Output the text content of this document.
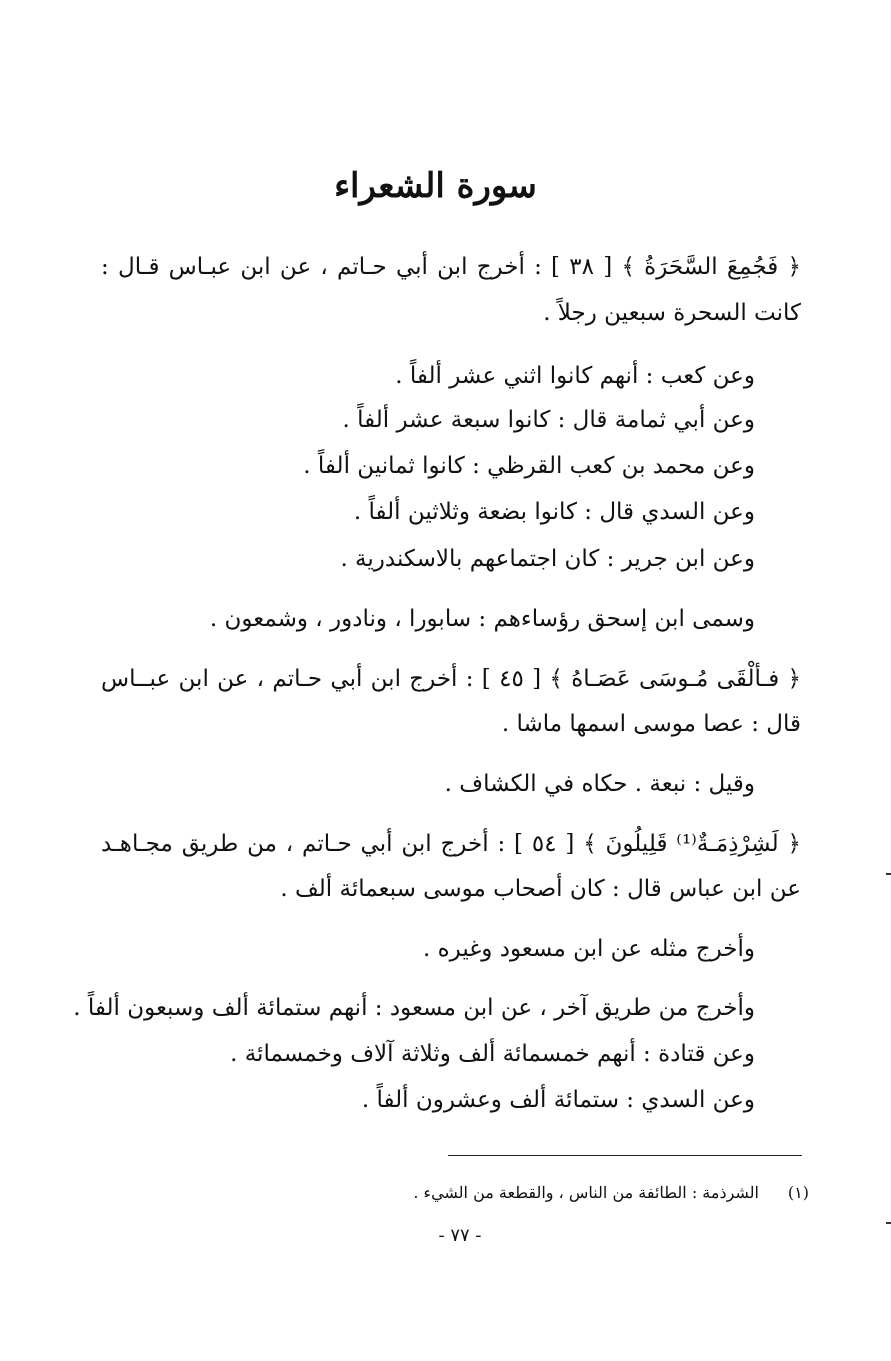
سورة الشعراء
﴿ فَجُمِعَ السَّحَرَةُ ﴾ [ ٣٨ ] : أخرج ابن أبي حـاتم ، عن ابن عبـاس قـال :
كانت السحرة سبعين رجلاً .
وعن كعب : أنهم كانوا اثني عشر ألفاً .
وعن أبي ثمامة قال : كانوا سبعة عشر ألفاً .
وعن محمد بن كعب القرظي : كانوا ثمانين ألفاً .
وعن السدي قال : كانوا بضعة وثلاثين ألفاً .
وعن ابن جرير : كان اجتماعهم بالاسكندرية .
وسمى ابن إسحق رؤساءهم : سابورا ، ونادور ، وشمعون .
﴿ فـألْقَى مُـوسَى عَصَـاهُ ﴾ [ ٤٥ ] : أخرج ابن أبي حـاتم ، عن ابن عبــاس
قال : عصا موسى اسمها ماشا .
وقيل : نبعة . حكاه في الكشاف .
﴿ لَشِرْذِمَـةٌ⁽¹⁾ قَلِيلُونَ ﴾ [ ٥٤ ] : أخرج ابن أبي حـاتم ، من طريق مجـاهـد
عن ابن عباس قال : كان أصحاب موسى سبعمائة ألف .
وأخرج مثله عن ابن مسعود وغيره .
وأخرج من طريق آخر ، عن ابن مسعود : أنهم ستمائة ألف وسبعون ألفاً .
وعن قتادة : أنهم خمسمائة ألف وثلاثة آلاف وخمسمائة .
وعن السدي : ستمائة ألف وعشرون ألفاً .
(١)
الشرذمة : الطائفة من الناس ، والقطعة من الشيء .
- ٧٧ -
